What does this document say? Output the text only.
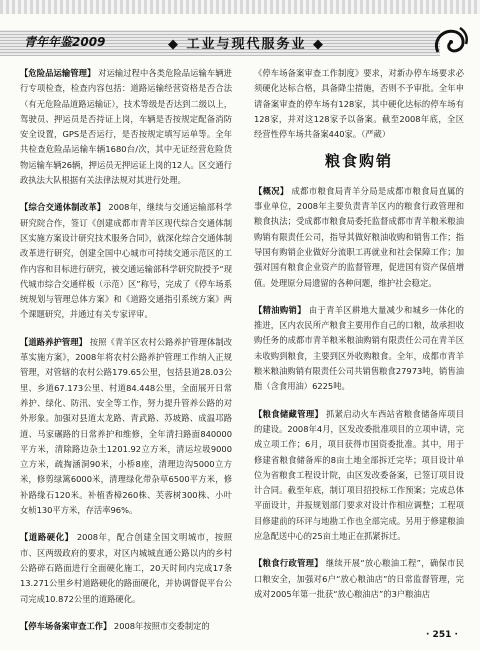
青年年鉴2009	◆ 工业与现代服务业 ◆

【危险品运输管理】 对运输过程中各类危险品运输车辆进行专项检查，检查内容包括：道路运输经营资格是否合法（有无危险品道路运输证），技术等级是否达到二级以上，驾驶员、押运员是否持证上岗，车辆是否按规定配备消防安全设置，GPS是否运行，是否按规定填写运单等。全年共检查危险品运输车辆1680台/次，其中无证经营危险货物运输车辆26辆，押运员无押运证上岗的12人。区交通行政执法大队根据有关法律法规对其进行处理。

【综合交通体制改革】 2008年，继续与交通运输部科学研究院合作，签订《创建成都市青羊区现代综合交通体制区实施方案设计研究技术服务合同》，就深化综合交通体制改革进行研究，创建全国中心城市可持续交通示范区的工作内容和目标进行研究，被交通运输部科学研究院授予“现代城市综合交通样板（示范）区”称号，完成了《停车场系统规划与管理总体方案》和《道路交通指引系统方案》两个课题研究，并通过有关专家评审。

【道路养护管理】 按照《青羊区农村公路养护管理体制改革实施方案》，2008年将农村公路养护管理工作纳入正规管理，对管辖的农村公路179.65公里，包括县道28.03公里、乡道67.173公里、村道84.448公里，全面展开日常养护、绿化、防汛、安全等工作，努力提升管养公路的对外形象。加强对县道太龙路、青武路、苏坡路、成温邛路道、马家碾路的日常养护和维修，全年清扫路面840000平方米，清除路边杂土1201.92立方米，清运垃圾9000立方米，疏掏涵洞90米，小桥8座，清理边沟5000立方米，修剪绿篱6000米，清理绿化带杂草6500平方米，修补路缘石120米。补植香樟260株、芙蓉树300株、小叶女桢130平方米，存活率96%。

【道路硬化】 2008年，配合创建全国文明城市，按照市、区两级政府的要求，对区内城城直通公路以内的乡村公路碎石路面进行全面硬化施工，20天时间内完成17条13.271公里乡村道路硬化的路面硬化，并协调督促平台公司完成10.872公里的道路硬化。

【停车场备案审查工作】 2008年按照市交委制定的

《停车场备案审查工作制度》要求，对新办停车场要求必须硬化达标合格，具备降尘措施，否则不予审批。全年申请备案审查的停车场有128家，其中硬化达标的停车场有128家，并对这128家予以备案。截至2008年底，全区经营性停车场共备案440家。（严葳）

粮食购销

【概况】 成都市粮食局青羊分局是成都市粮食局直属的事业单位，2008年主要负责青羊区内的粮食行政管理和粮食执法；受成都市粮食局委托监督成都市青羊粮米粮油购销有限责任公司，指导其做好粮油收购和销售工作；指导国有购销企业做好分流职工再就业和社会保障工作；加强对国有粮食企业资产的监督管理，促进国有资产保值增值。处理原分局遗留的各种问题，维护社会稳定。

【精油购销】 由于青羊区耕地大量减少和城乡一体化的推进，区内农民所产粮食主要用作自己的口粮，故承担收购任务的成都市青羊粮米粮油购销有限责任公司在青羊区未收购到粮食，主要到区外收购粮食。全年，成都市青羊粮米粮油购销有限责任公司共销售粮食27973吨，销售油脂（含食用油）6225吨。

【粮食储藏管理】 抓紧启动火车西站省粮食储备库项目的建设。2008年4月，区发改委批准项目的立项申请，完成立项工作；6月，项目获得市国资委批准。其中，用于修建省粮食储备库的8亩土地全部拆迁完毕；项目设计单位为省粮食工程设计院，由区发改委备案，已签订项目设计合同。截至年底，制订项目招投标工作预案；完成总体平面设计，并报规划部门要求对设计作相应调整；工程项目修建前的环评与地勘工作也全部完成。另用于修建粮油应急配送中心的25亩土地正在抓紧拆迁。

【粮食行政管理】 继续开展“放心粮油工程”，确保市民口粮安全，加强对6户“放心粮油店”的日常监督管理，完成对2005年第一批获“放心粮油店”的3户粮油店

· 251 ·
